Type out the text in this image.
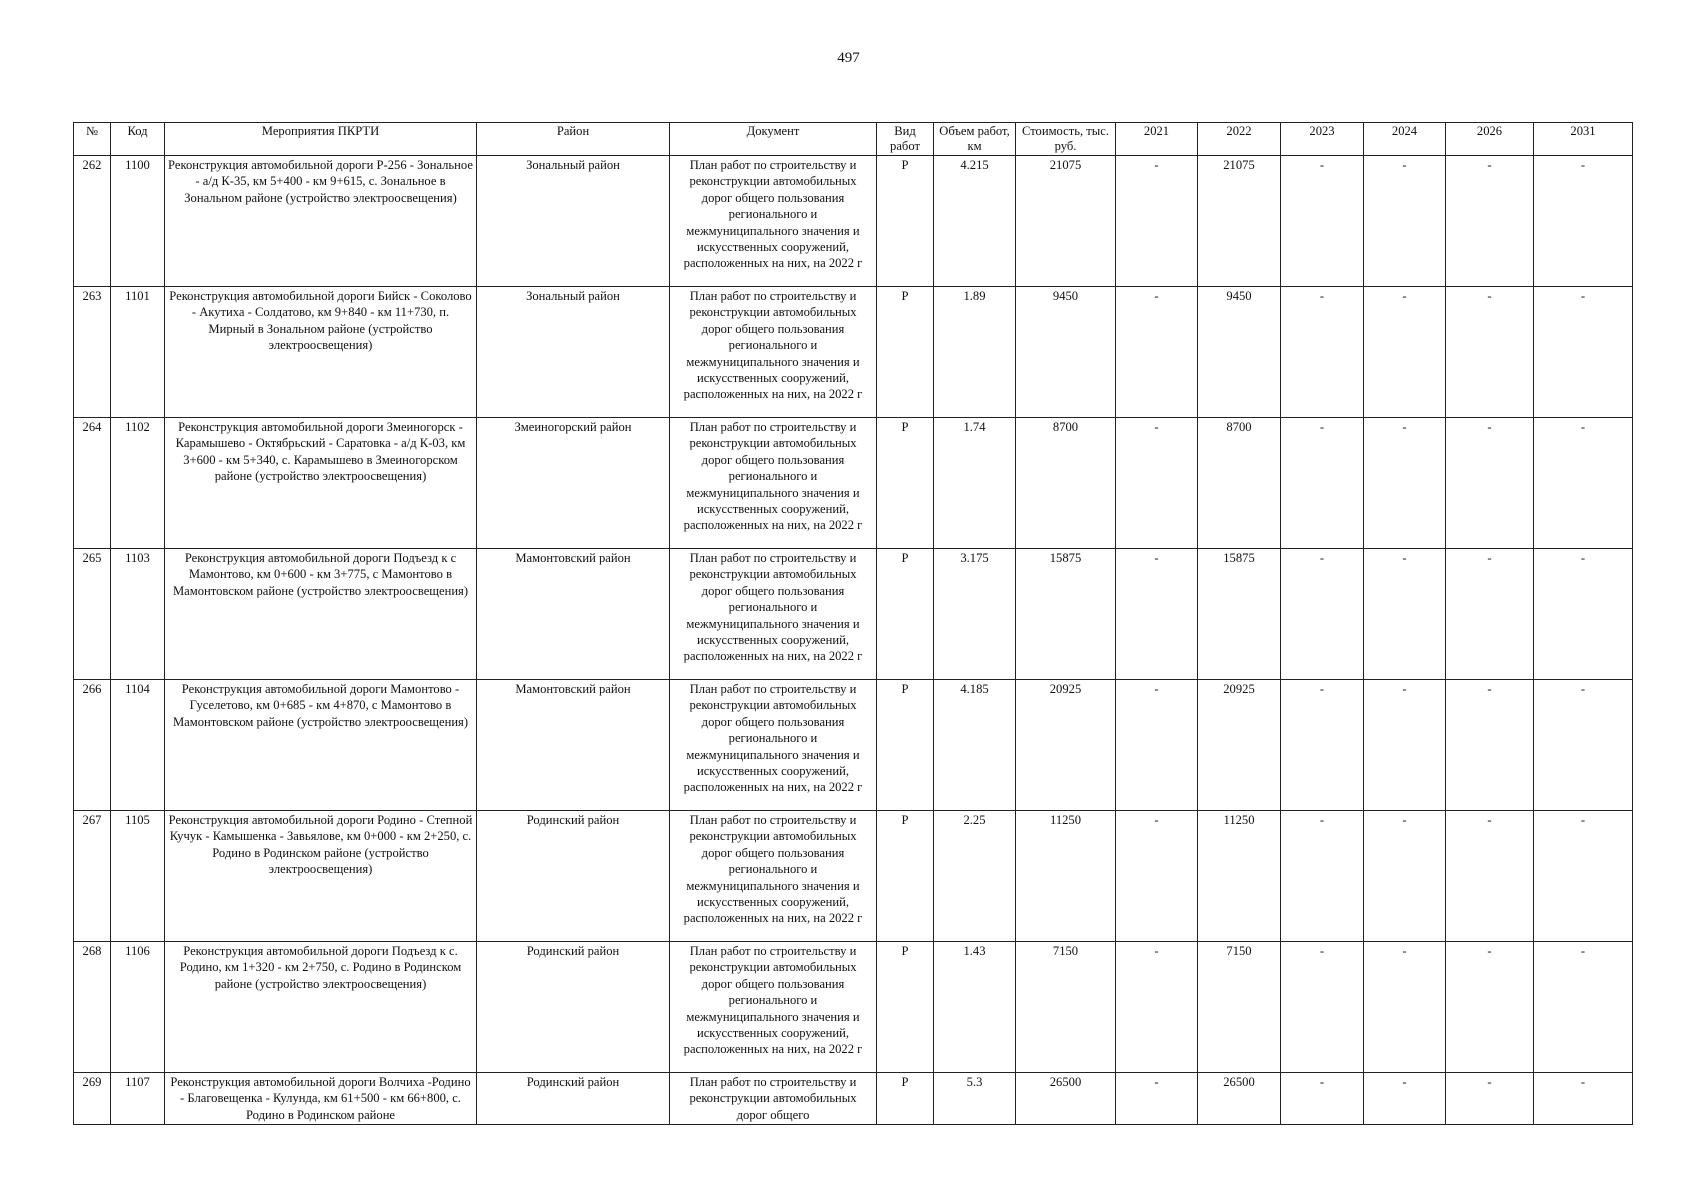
497
№	Код	Мероприятия ПКРТИ	Район	Документ	Вид работ	Объем работ, км	Стоимость, тыс. руб.	2021	2022	2023	2024	2026	2031
262	1100	Реконструкция автомобильной дороги Р-256 - Зональное - а/д К-35, км 5+400 - км 9+615, с. Зональное в Зональном районе (устройство электроосвещения)	Зональный район	План работ по строительству и реконструкции автомобильных дорог общего пользования регионального и межмуниципального значения и искусственных сооружений, расположенных на них, на 2022 г	Р	4.215	21075	-	21075	-	-	-	-
263	1101	Реконструкция автомобильной дороги Бийск - Соколово - Акутиха - Солдатово, км 9+840 - км 11+730, п. Мирный в Зональном районе (устройство электроосвещения)	Зональный район	План работ по строительству и реконструкции автомобильных дорог общего пользования регионального и межмуниципального значения и искусственных сооружений, расположенных на них, на 2022 г	Р	1.89	9450	-	9450	-	-	-	-
264	1102	Реконструкция автомобильной дороги Змеиногорск - Карамышево - Октябрьский - Саратовка - а/д К-03, км 3+600 - км 5+340, с. Карамышево в Змеиногорском районе (устройство электроосвещения)	Змеиногорский район	План работ по строительству и реконструкции автомобильных дорог общего пользования регионального и межмуниципального значения и искусственных сооружений, расположенных на них, на 2022 г	Р	1.74	8700	-	8700	-	-	-	-
265	1103	Реконструкция автомобильной дороги Подъезд к с Мамонтово, км 0+600 - км 3+775, с Мамонтово в Мамонтовском районе (устройство электроосвещения)	Мамонтовский район	План работ по строительству и реконструкции автомобильных дорог общего пользования регионального и межмуниципального значения и искусственных сооружений, расположенных на них, на 2022 г	Р	3.175	15875	-	15875	-	-	-	-
266	1104	Реконструкция автомобильной дороги Мамонтово - Гуселетово, км 0+685 - км 4+870, с Мамонтово в Мамонтовском районе (устройство электроосвещения)	Мамонтовский район	План работ по строительству и реконструкции автомобильных дорог общего пользования регионального и межмуниципального значения и искусственных сооружений, расположенных на них, на 2022 г	Р	4.185	20925	-	20925	-	-	-	-
267	1105	Реконструкция автомобильной дороги Родино - Степной Кучук - Камышенка - Завьялове, км 0+000 - км 2+250, с. Родино в Родинском районе (устройство электроосвещения)	Родинский район	План работ по строительству и реконструкции автомобильных дорог общего пользования регионального и межмуниципального значения и искусственных сооружений, расположенных на них, на 2022 г	Р	2.25	11250	-	11250	-	-	-	-
268	1106	Реконструкция автомобильной дороги Подъезд к с. Родино, км 1+320 - км 2+750, с. Родино в Родинском районе (устройство электроосвещения)	Родинский район	План работ по строительству и реконструкции автомобильных дорог общего пользования регионального и межмуниципального значения и искусственных сооружений, расположенных на них, на 2022 г	Р	1.43	7150	-	7150	-	-	-	-
269	1107	Реконструкция автомобильной дороги Волчиха -Родино - Благовещенка - Кулунда, км 61+500 - км 66+800, с. Родино в Родинском районе	Родинский район	План работ по строительству и реконструкции автомобильных дорог общего	Р	5.3	26500	-	26500	-	-	-	-
